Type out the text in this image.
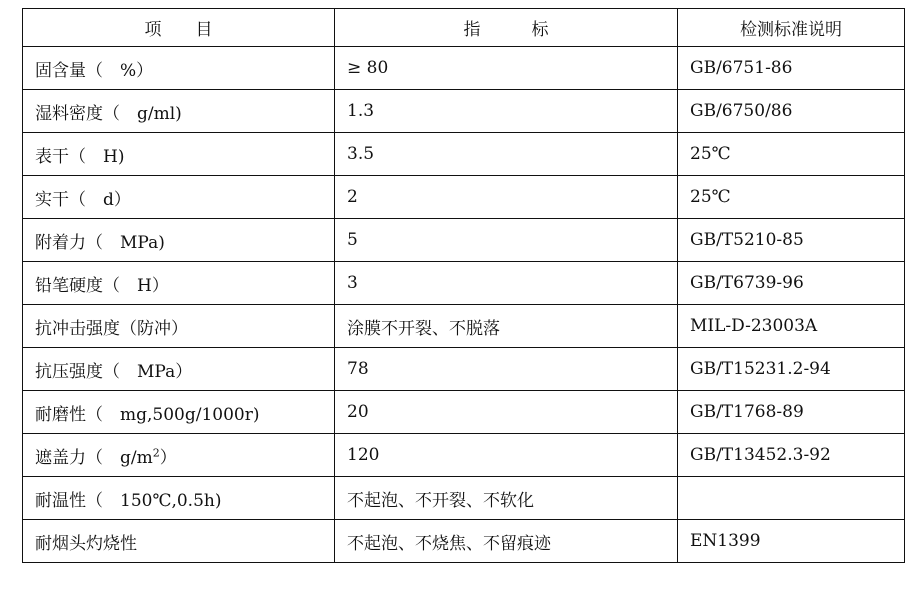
项　　目	指　　　标	检测标准说明
固含量（　%）	≥ 80	GB/6751-86
湿料密度（　g/ml)	1.3	GB/6750/86
表干（　H)	3.5	25℃
实干（　d）	2	25℃
附着力（　MPa)	5	GB/T5210-85
铅笔硬度（　H）	3	GB/T6739-96
抗冲击强度（防冲）	涂膜不开裂、不脱落	MIL-D-23003A
抗压强度（　MPa）	78	GB/T15231.2-94
耐磨性（　mg,500g/1000r)	20	GB/T1768-89
遮盖力（　$g/m^2$）	120	GB/T13452.3-92
耐温性（　150℃,0.5h)	不起泡、不开裂、不软化	
耐烟头灼烧性	不起泡、不烧焦、不留痕迹	EN1399
